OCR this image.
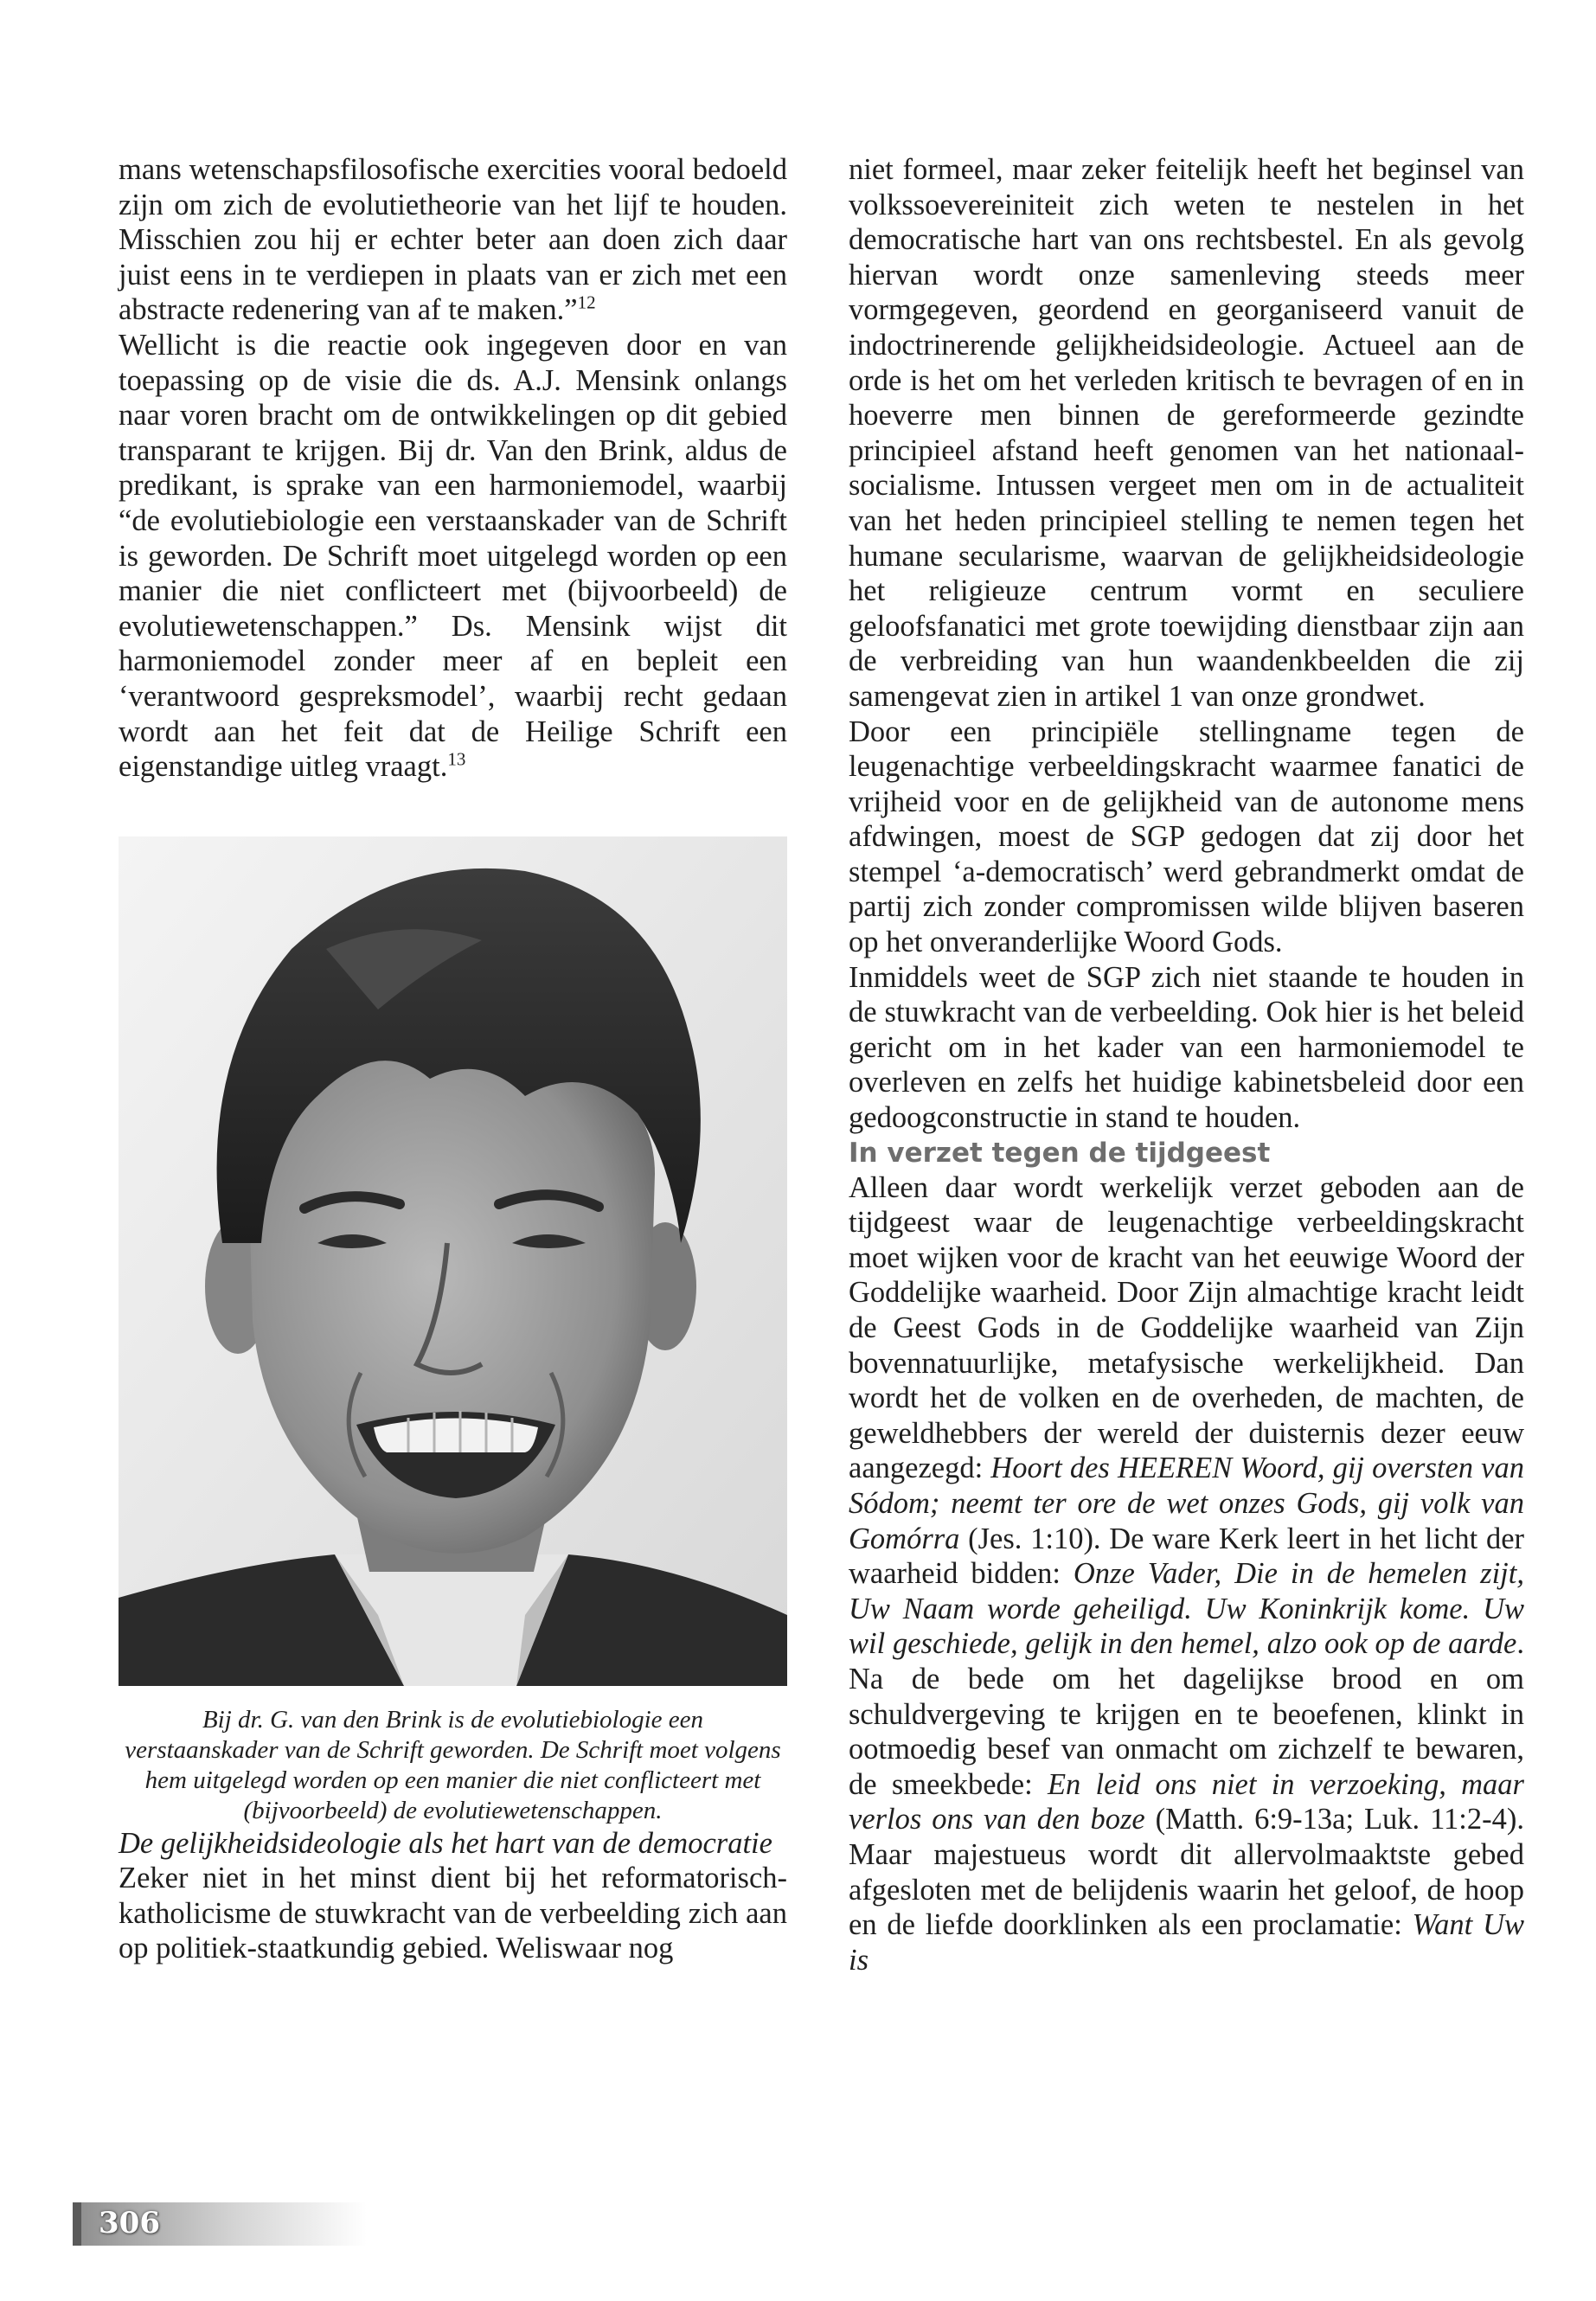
mans wetenschapsfilosofische exercities vooral bedoeld zijn om zich de evolutietheorie van het lijf te houden. Misschien zou hij er echter beter aan doen zich daar juist eens in te verdiepen in plaats van er zich met een abstracte redenering van af te maken.”$^{12}$
Wellicht is die reactie ook ingegeven door en van toepassing op de visie die ds. A.J. Mensink onlangs naar voren bracht om de ontwikkelingen op dit gebied transparant te krijgen. Bij dr. Van den Brink, aldus de predikant, is sprake van een harmoniemodel, waarbij “de evolutiebiologie een verstaanskader van de Schrift is geworden. De Schrift moet uitgelegd worden op een manier die niet conflicteert met (bijvoorbeeld) de evolutiewetenschappen.” Ds. Mensink wijst dit harmoniemodel zonder meer af en bepleit een ‘verantwoord gespreksmodel’, waarbij recht gedaan wordt aan het feit dat de Heilige Schrift een eigenstandige uitleg vraagt.$^{13}$

Bij dr. G. van den Brink is de evolutiebiologie een verstaanskader van de Schrift geworden. De Schrift moet volgens hem uitgelegd worden op een manier die niet conflicteert met (bijvoorbeeld) de evolutiewetenschappen.

De gelijkheidsideologie als het hart van de democratie

Zeker niet in het minst dient bij het reformatorisch-katholicisme de stuwkracht van de verbeelding zich aan op politiek-staatkundig gebied. Weliswaar nog

niet formeel, maar zeker feitelijk heeft het beginsel van volkssoevereiniteit zich weten te nestelen in het democratische hart van ons rechtsbestel. En als gevolg hiervan wordt onze samenleving steeds meer vormgegeven, geordend en georganiseerd vanuit de indoctrinerende gelijkheidsideologie. Actueel aan de orde is het om het verleden kritisch te bevragen of en in hoeverre men binnen de gereformeerde gezindte principieel afstand heeft genomen van het nationaal-socialisme. Intussen vergeet men om in de actualiteit van het heden principieel stelling te nemen tegen het humane secularisme, waarvan de gelijkheidsideologie het religieuze centrum vormt en seculiere geloofsfanatici met grote toewijding dienstbaar zijn aan de verbreiding van hun waandenkbeelden die zij samengevat zien in artikel 1 van onze grondwet.

Door een principiële stellingname tegen de leugenachtige verbeeldingskracht waarmee fanatici de vrijheid voor en de gelijkheid van de autonome mens afdwingen, moest de SGP gedogen dat zij door het stempel ‘a-democratisch’ werd gebrandmerkt omdat de partij zich zonder compromissen wilde blijven baseren op het onveranderlijke Woord Gods.

Inmiddels weet de SGP zich niet staande te houden in de stuwkracht van de verbeelding. Ook hier is het beleid gericht om in het kader van een harmoniemodel te overleven en zelfs het huidige kabinetsbeleid door een gedoogconstructie in stand te houden.

In verzet tegen de tijdgeest

Alleen daar wordt werkelijk verzet geboden aan de tijdgeest waar de leugenachtige verbeeldingskracht moet wijken voor de kracht van het eeuwige Woord der Goddelijke waarheid. Door Zijn almachtige kracht leidt de Geest Gods in de Goddelijke waarheid van Zijn bovennatuurlijke, metafysische werkelijkheid. Dan wordt het de volken en de overheden, de machten, de geweldhebbers der wereld der duisternis dezer eeuw aangezegd: Hoort des HEEREN Woord, gij oversten van Sódom; neemt ter ore de wet onzes Gods, gij volk van Gomórra (Jes. 1:10). De ware Kerk leert in het licht der waarheid bidden: Onze Vader, Die in de hemelen zijt, Uw Naam worde geheiligd. Uw Koninkrijk kome. Uw wil geschiede, gelijk in den hemel, alzo ook op de aarde. Na de bede om het dagelijkse brood en om schuldvergeving te krijgen en te beoefenen, klinkt in ootmoedig besef van onmacht om zichzelf te bewaren, de smeekbede: En leid ons niet in verzoeking, maar verlos ons van den boze (Matth. 6:9-13a; Luk. 11:2-4). Maar majestueus wordt dit allervolmaaktste gebed afgesloten met de belijdenis waarin het geloof, de hoop en de liefde doorklinken als een proclamatie: Want Uw is

306
